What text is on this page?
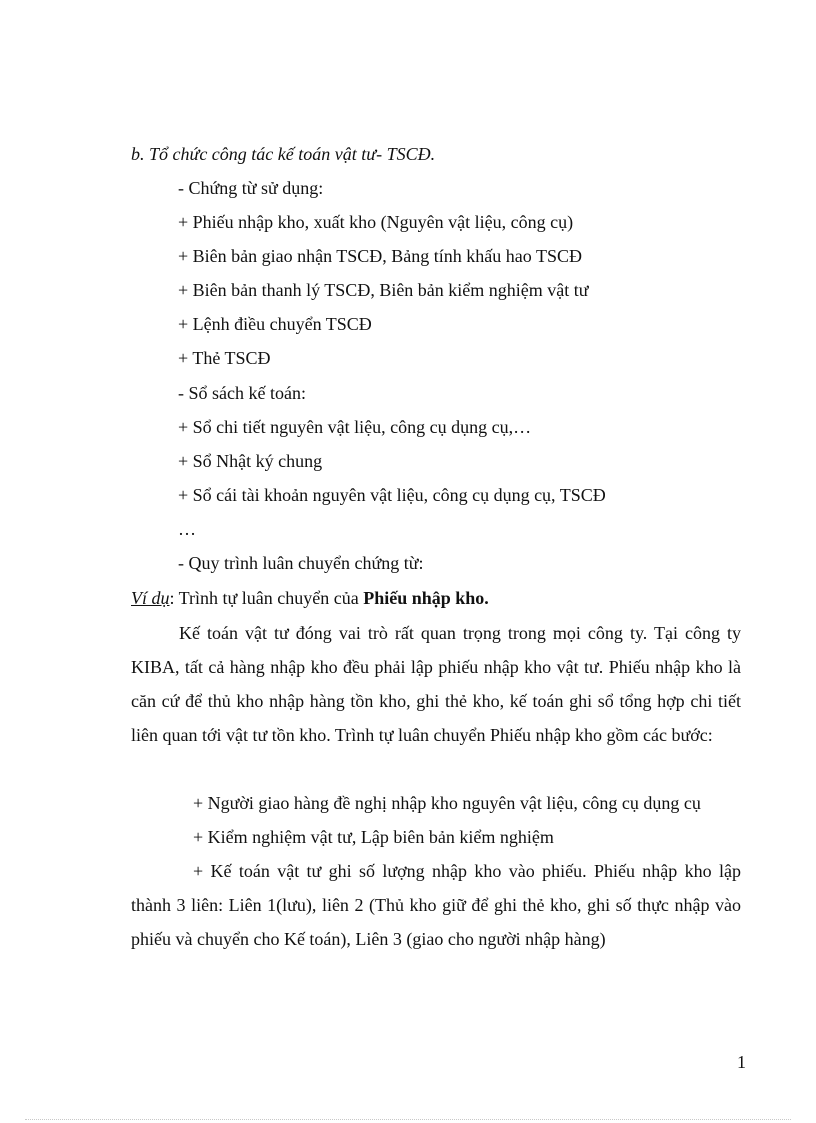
b. Tổ chức công tác kế toán vật tư- TSCĐ.
- Chứng từ sử dụng:
+ Phiếu nhập kho, xuất kho (Nguyên vật liệu, công cụ)
+ Biên bản giao nhận TSCĐ, Bảng tính khấu hao TSCĐ
+ Biên bản thanh lý TSCĐ, Biên bản kiểm nghiệm vật tư
+ Lệnh điều chuyển TSCĐ
+ Thẻ TSCĐ
- Sổ sách kế toán:
+ Sổ chi tiết nguyên vật liệu, công cụ dụng cụ,…
+ Sổ Nhật ký chung
+ Sổ cái tài khoản nguyên vật liệu, công cụ dụng cụ, TSCĐ
…
- Quy trình luân chuyển chứng từ:
Ví dụ: Trình tự luân chuyển của Phiếu nhập kho.
Kế toán vật tư đóng vai trò rất quan trọng trong mọi công ty. Tại công ty KIBA, tất cả hàng nhập kho đều phải lập phiếu nhập kho vật tư. Phiếu nhập kho là căn cứ để thủ kho nhập hàng tồn kho, ghi thẻ kho, kế toán ghi sổ tổng hợp chi tiết liên quan tới vật tư tồn kho. Trình tự luân chuyển Phiếu nhập kho gồm các bước:
+ Người giao hàng đề nghị nhập kho nguyên vật liệu, công cụ dụng cụ
+ Kiểm nghiệm vật tư, Lập biên bản kiểm nghiệm
+ Kế toán vật tư ghi số lượng nhập kho vào phiếu. Phiếu nhập kho lập thành 3 liên: Liên 1(lưu), liên 2 (Thủ kho giữ để ghi thẻ kho, ghi số thực nhập vào phiếu và chuyển cho Kế toán), Liên 3 (giao cho người nhập hàng)
1
